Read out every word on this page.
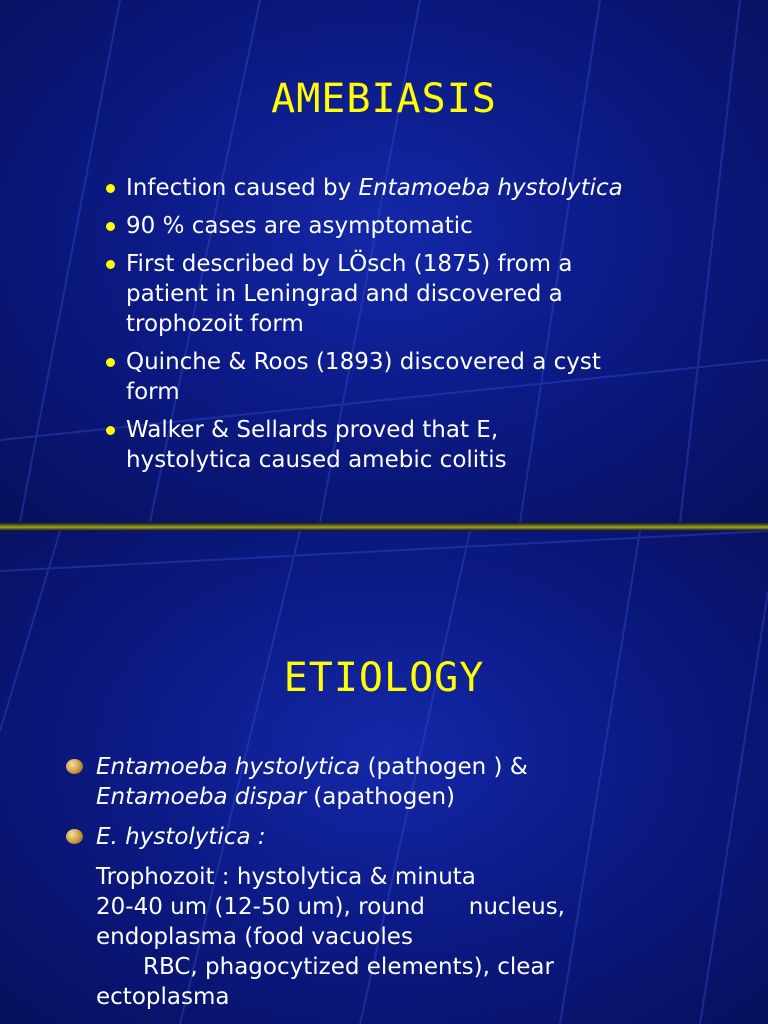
AMEBIASIS
Infection caused by Entamoeba hystolytica
90 % cases are asymptomatic
First described by LÖsch (1875) from a
patient in Leningrad and discovered a
trophozoit form
Quinche & Roos (1893) discovered a cyst
form
Walker & Sellards proved that E,
hystolytica caused amebic colitis
ETIOLOGY
Entamoeba hystolytica (pathogen ) &
Entamoeba dispar (apathogen)
E. hystolytica :
Trophozoit : hystolytica & minuta
20-40 um (12-50 um), round      nucleus,
endoplasma (food vacuoles
RBC, phagocytized elements), clear
ectoplasma
